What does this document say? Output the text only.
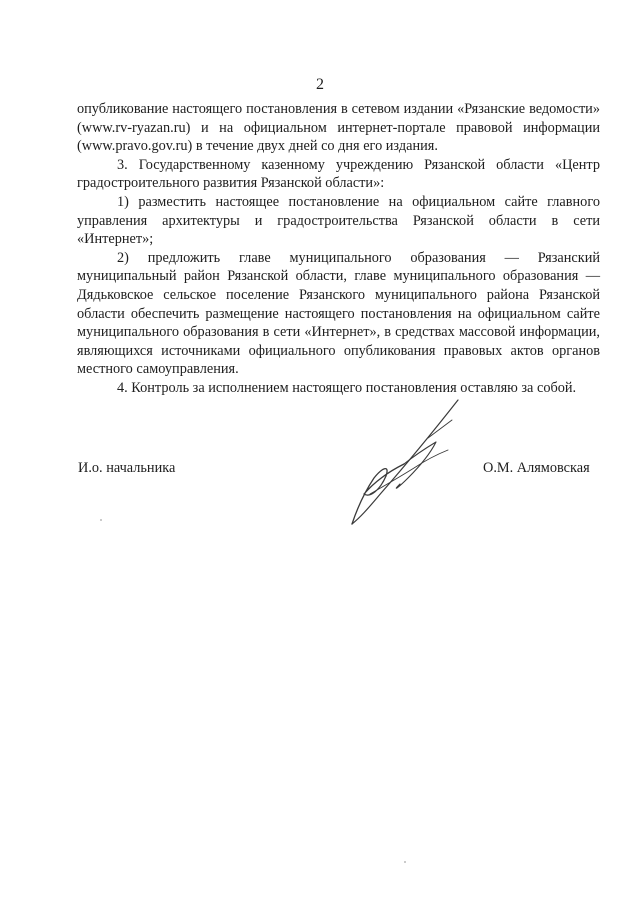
2

опубликование настоящего постановления в сетевом издании «Рязанские ведомости» (www.rv-ryazan.ru) и на официальном интернет-портале правовой информации (www.pravo.gov.ru) в течение двух дней со дня его издания.

3. Государственному казенному учреждению Рязанской области «Центр градостроительного развития Рязанской области»:

1) разместить настоящее постановление на официальном сайте главного управления архитектуры и градостроительства Рязанской области в сети «Интернет»;

2) предложить главе муниципального образования — Рязанский муниципальный район Рязанской области, главе муниципального образования — Дядьковское сельское поселение Рязанского муниципального района Рязанской области обеспечить размещение настоящего постановления на официальном сайте муниципального образования в сети «Интернет», в средствах массовой информации, являющихся источниками официального опубликования правовых актов органов местного самоуправления.

4. Контроль за исполнением настоящего постановления оставляю за собой.

И.о. начальника	О.М. Алямовская
